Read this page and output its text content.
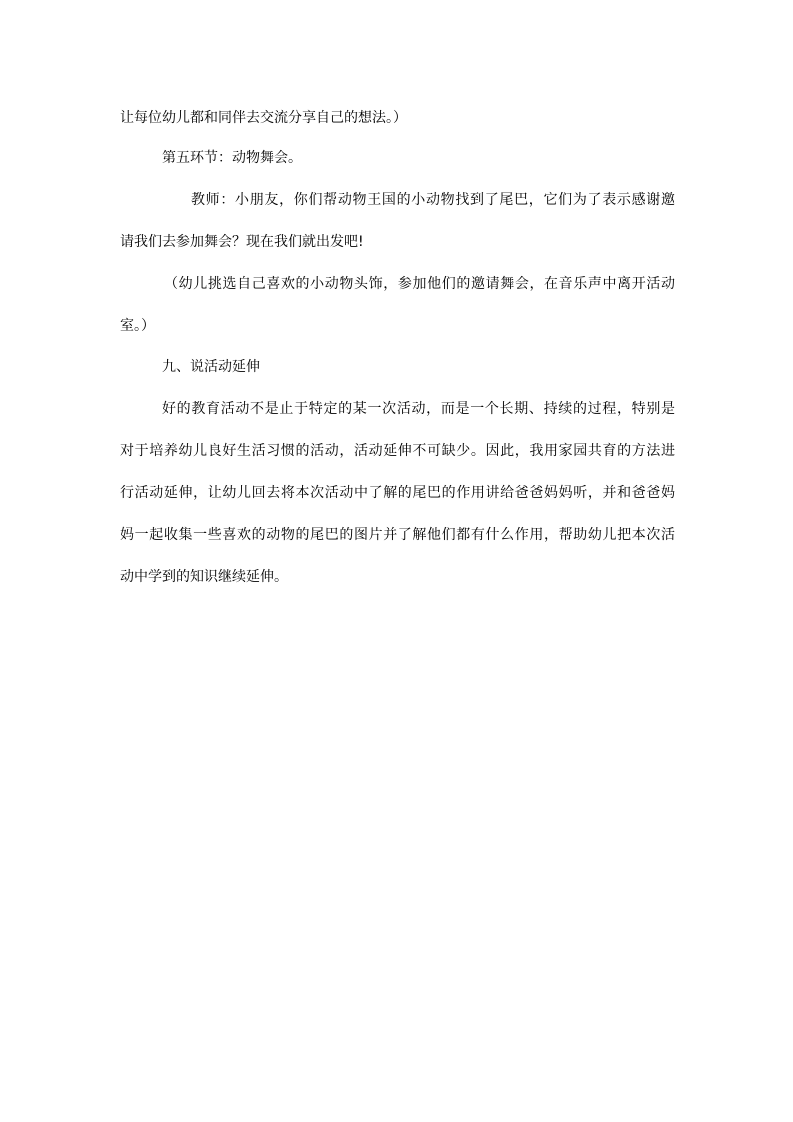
让每位幼儿都和同伴去交流分享自己的想法。）
第五环节：动物舞会。
教师：小朋友，你们帮动物王国的小动物找到了尾巴，它们为了表示感谢邀
请我们去参加舞会？现在我们就出发吧!
（幼儿挑选自己喜欢的小动物头饰，参加他们的邀请舞会，在音乐声中离开活动
室。）
九、说活动延伸
好的教育活动不是止于特定的某一次活动，而是一个长期、持续的过程，特别是
对于培养幼儿良好生活习惯的活动，活动延伸不可缺少。因此，我用家园共育的方法进
行活动延伸，让幼儿回去将本次活动中了解的尾巴的作用讲给爸爸妈妈听，并和爸爸妈
妈一起收集一些喜欢的动物的尾巴的图片并了解他们都有什么作用，帮助幼儿把本次活
动中学到的知识继续延伸。
